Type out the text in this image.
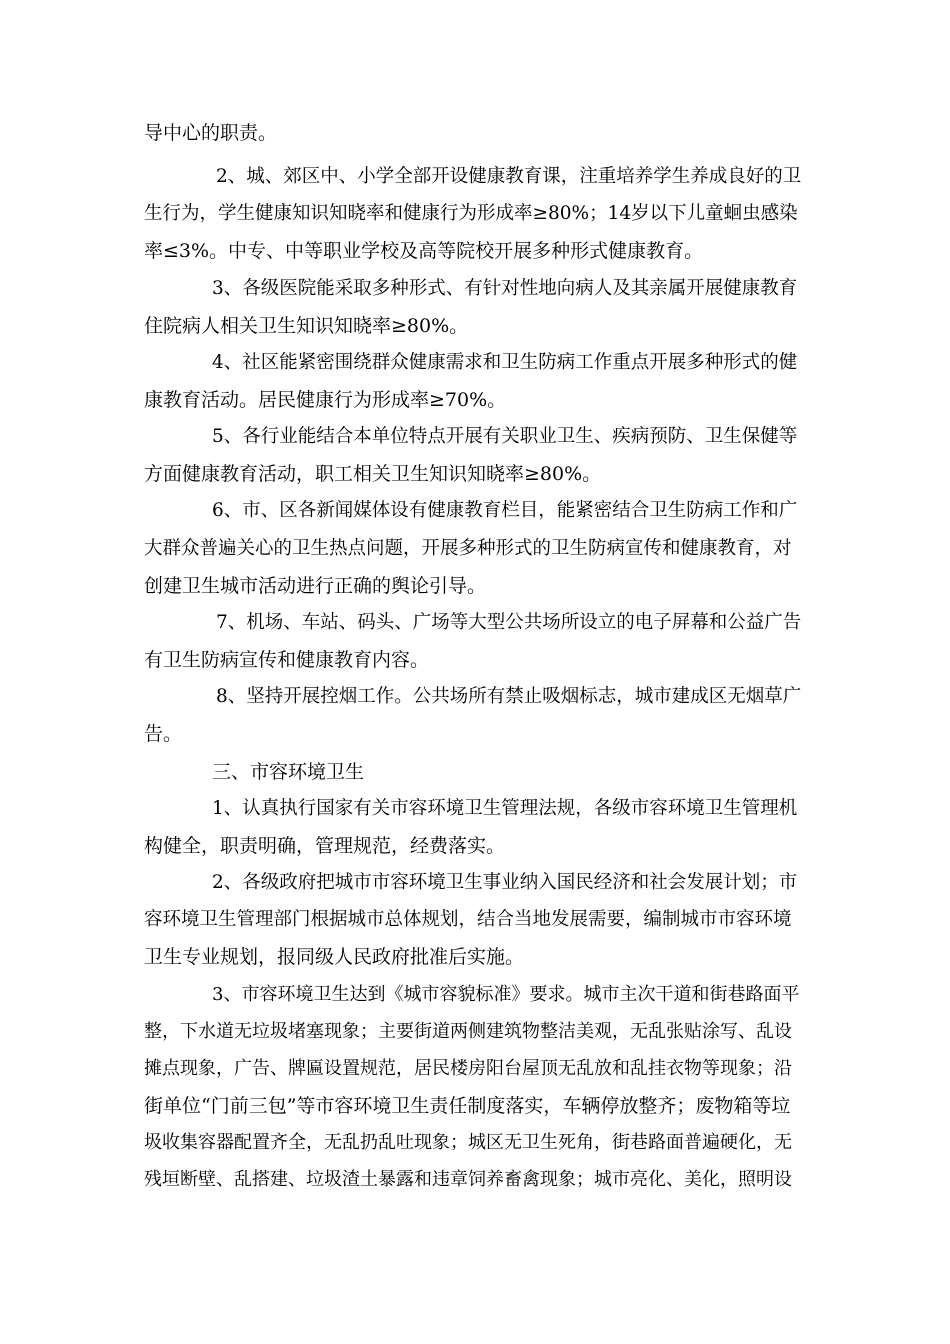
导中心的职责。

2、城、郊区中、小学全部开设健康教育课，注重培养学生养成良好的卫

生行为，学生健康知识知晓率和健康行为形成率≥80%；14岁以下儿童蛔虫感染

率≤3%。中专、中等职业学校及高等院校开展多种形式健康教育。

3、各级医院能采取多种形式、有针对性地向病人及其亲属开展健康教育

住院病人相关卫生知识知晓率≥80%。

4、社区能紧密围绕群众健康需求和卫生防病工作重点开展多种形式的健

康教育活动。居民健康行为形成率≥70%。

5、各行业能结合本单位特点开展有关职业卫生、疾病预防、卫生保健等

方面健康教育活动，职工相关卫生知识知晓率≥80%。

6、市、区各新闻媒体设有健康教育栏目，能紧密结合卫生防病工作和广

大群众普遍关心的卫生热点问题，开展多种形式的卫生防病宣传和健康教育，对

创建卫生城市活动进行正确的舆论引导。

7、机场、车站、码头、广场等大型公共场所设立的电子屏幕和公益广告

有卫生防病宣传和健康教育内容。

8、坚持开展控烟工作。公共场所有禁止吸烟标志，城市建成区无烟草广

告。

三、市容环境卫生

1、认真执行国家有关市容环境卫生管理法规，各级市容环境卫生管理机

构健全，职责明确，管理规范，经费落实。

2、各级政府把城市市容环境卫生事业纳入国民经济和社会发展计划；市

容环境卫生管理部门根据城市总体规划，结合当地发展需要，编制城市市容环境

卫生专业规划，报同级人民政府批准后实施。

3、市容环境卫生达到《城市容貌标准》要求。城市主次干道和街巷路面平

整，下水道无垃圾堵塞现象；主要街道两侧建筑物整洁美观，无乱张贴涂写、乱设

摊点现象，广告、牌匾设置规范，居民楼房阳台屋顶无乱放和乱挂衣物等现象；沿

街单位“门前三包”等市容环境卫生责任制度落实，车辆停放整齐；废物箱等垃

圾收集容器配置齐全，无乱扔乱吐现象；城区无卫生死角，街巷路面普遍硬化，无

残垣断壁、乱搭建、垃圾渣土暴露和违章饲养畜禽现象；城市亮化、美化，照明设
